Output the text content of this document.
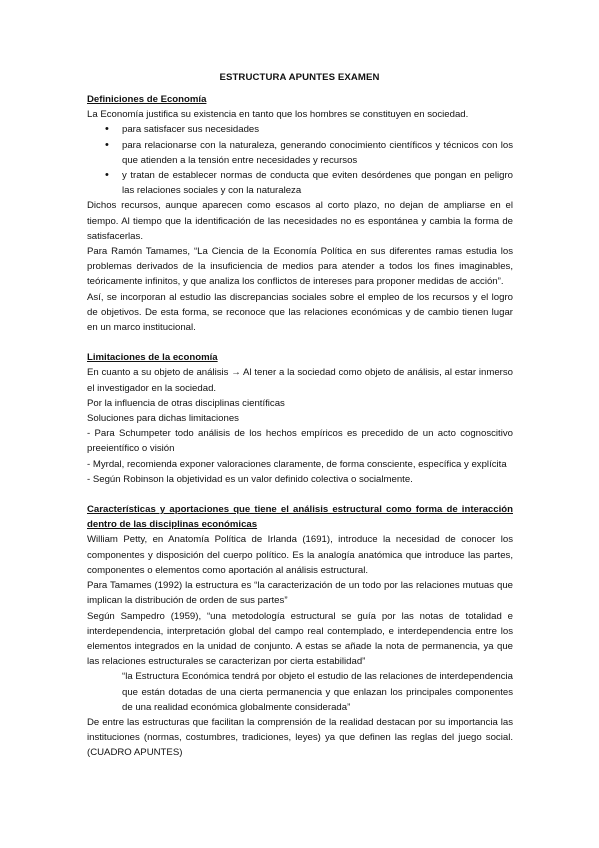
ESTRUCTURA APUNTES EXAMEN
Definiciones de Economía

La Economía justifica su existencia en tanto que los hombres se constituyen en sociedad.

• para satisfacer sus necesidades
• para relacionarse con la naturaleza, generando conocimiento científicos y técnicos con los que atienden a la tensión entre necesidades y recursos
• y tratan de establecer normas de conducta que eviten desórdenes que pongan en peligro las relaciones sociales y con la naturaleza

Dichos recursos, aunque aparecen como escasos al corto plazo, no dejan de ampliarse en el tiempo. Al tiempo que la identificación de las necesidades no es espontánea y cambia la forma de satisfacerlas.

Para Ramón Tamames, “La Ciencia de la Economía Política en sus diferentes ramas estudia los problemas derivados de la insuficiencia de medios para atender a todos los fines imaginables, teóricamente infinitos, y que analiza los conflictos de intereses para proponer medidas de acción”.

Así, se incorporan al estudio las discrepancias sociales sobre el empleo de los recursos y el logro de objetivos. De esta forma, se reconoce que las relaciones económicas y de cambio tienen lugar en un marco institucional.

Limitaciones de la economía

En cuanto a su objeto de análisis → Al tener a la sociedad como objeto de análisis, al estar inmerso el investigador en la sociedad.

Por la influencia de otras disciplinas científicas

Soluciones para dichas limitaciones

- Para Schumpeter todo análisis de los hechos empíricos es precedido de un acto cognoscitivo preeientífico o visión

- Myrdal, recomienda exponer valoraciones claramente, de forma consciente, específica y explícita

- Según Robinson la objetividad es un valor definido colectiva o socialmente.

Características y aportaciones que tiene el análisis estructural como forma de interacción dentro de las disciplinas económicas

William Petty, en Anatomía Política de Irlanda (1691), introduce la necesidad de conocer los componentes y disposición del cuerpo político. Es la analogía anatómica que introduce las partes, componentes o elementos como aportación al análisis estructural.

Para Tamames (1992) la estructura es “la caracterización de un todo por las relaciones mutuas que implican la distribución de orden de sus partes”

Según Sampedro (1959), “una metodología estructural se guía por las notas de totalidad e interdependencia, interpretación global del campo real contemplado, e interdependencia entre los elementos integrados en la unidad de conjunto. A estas se añade la nota de permanencia, ya que las relaciones estructurales se caracterizan por cierta estabilidad”

“la Estructura Económica tendrá por objeto el estudio de las relaciones de interdependencia que están dotadas de una cierta permanencia y que enlazan los principales componentes de una realidad económica globalmente considerada”

De entre las estructuras que facilitan la comprensión de la realidad destacan por su importancia las instituciones (normas, costumbres, tradiciones, leyes) ya que definen las reglas del juego social. (CUADRO APUNTES)
